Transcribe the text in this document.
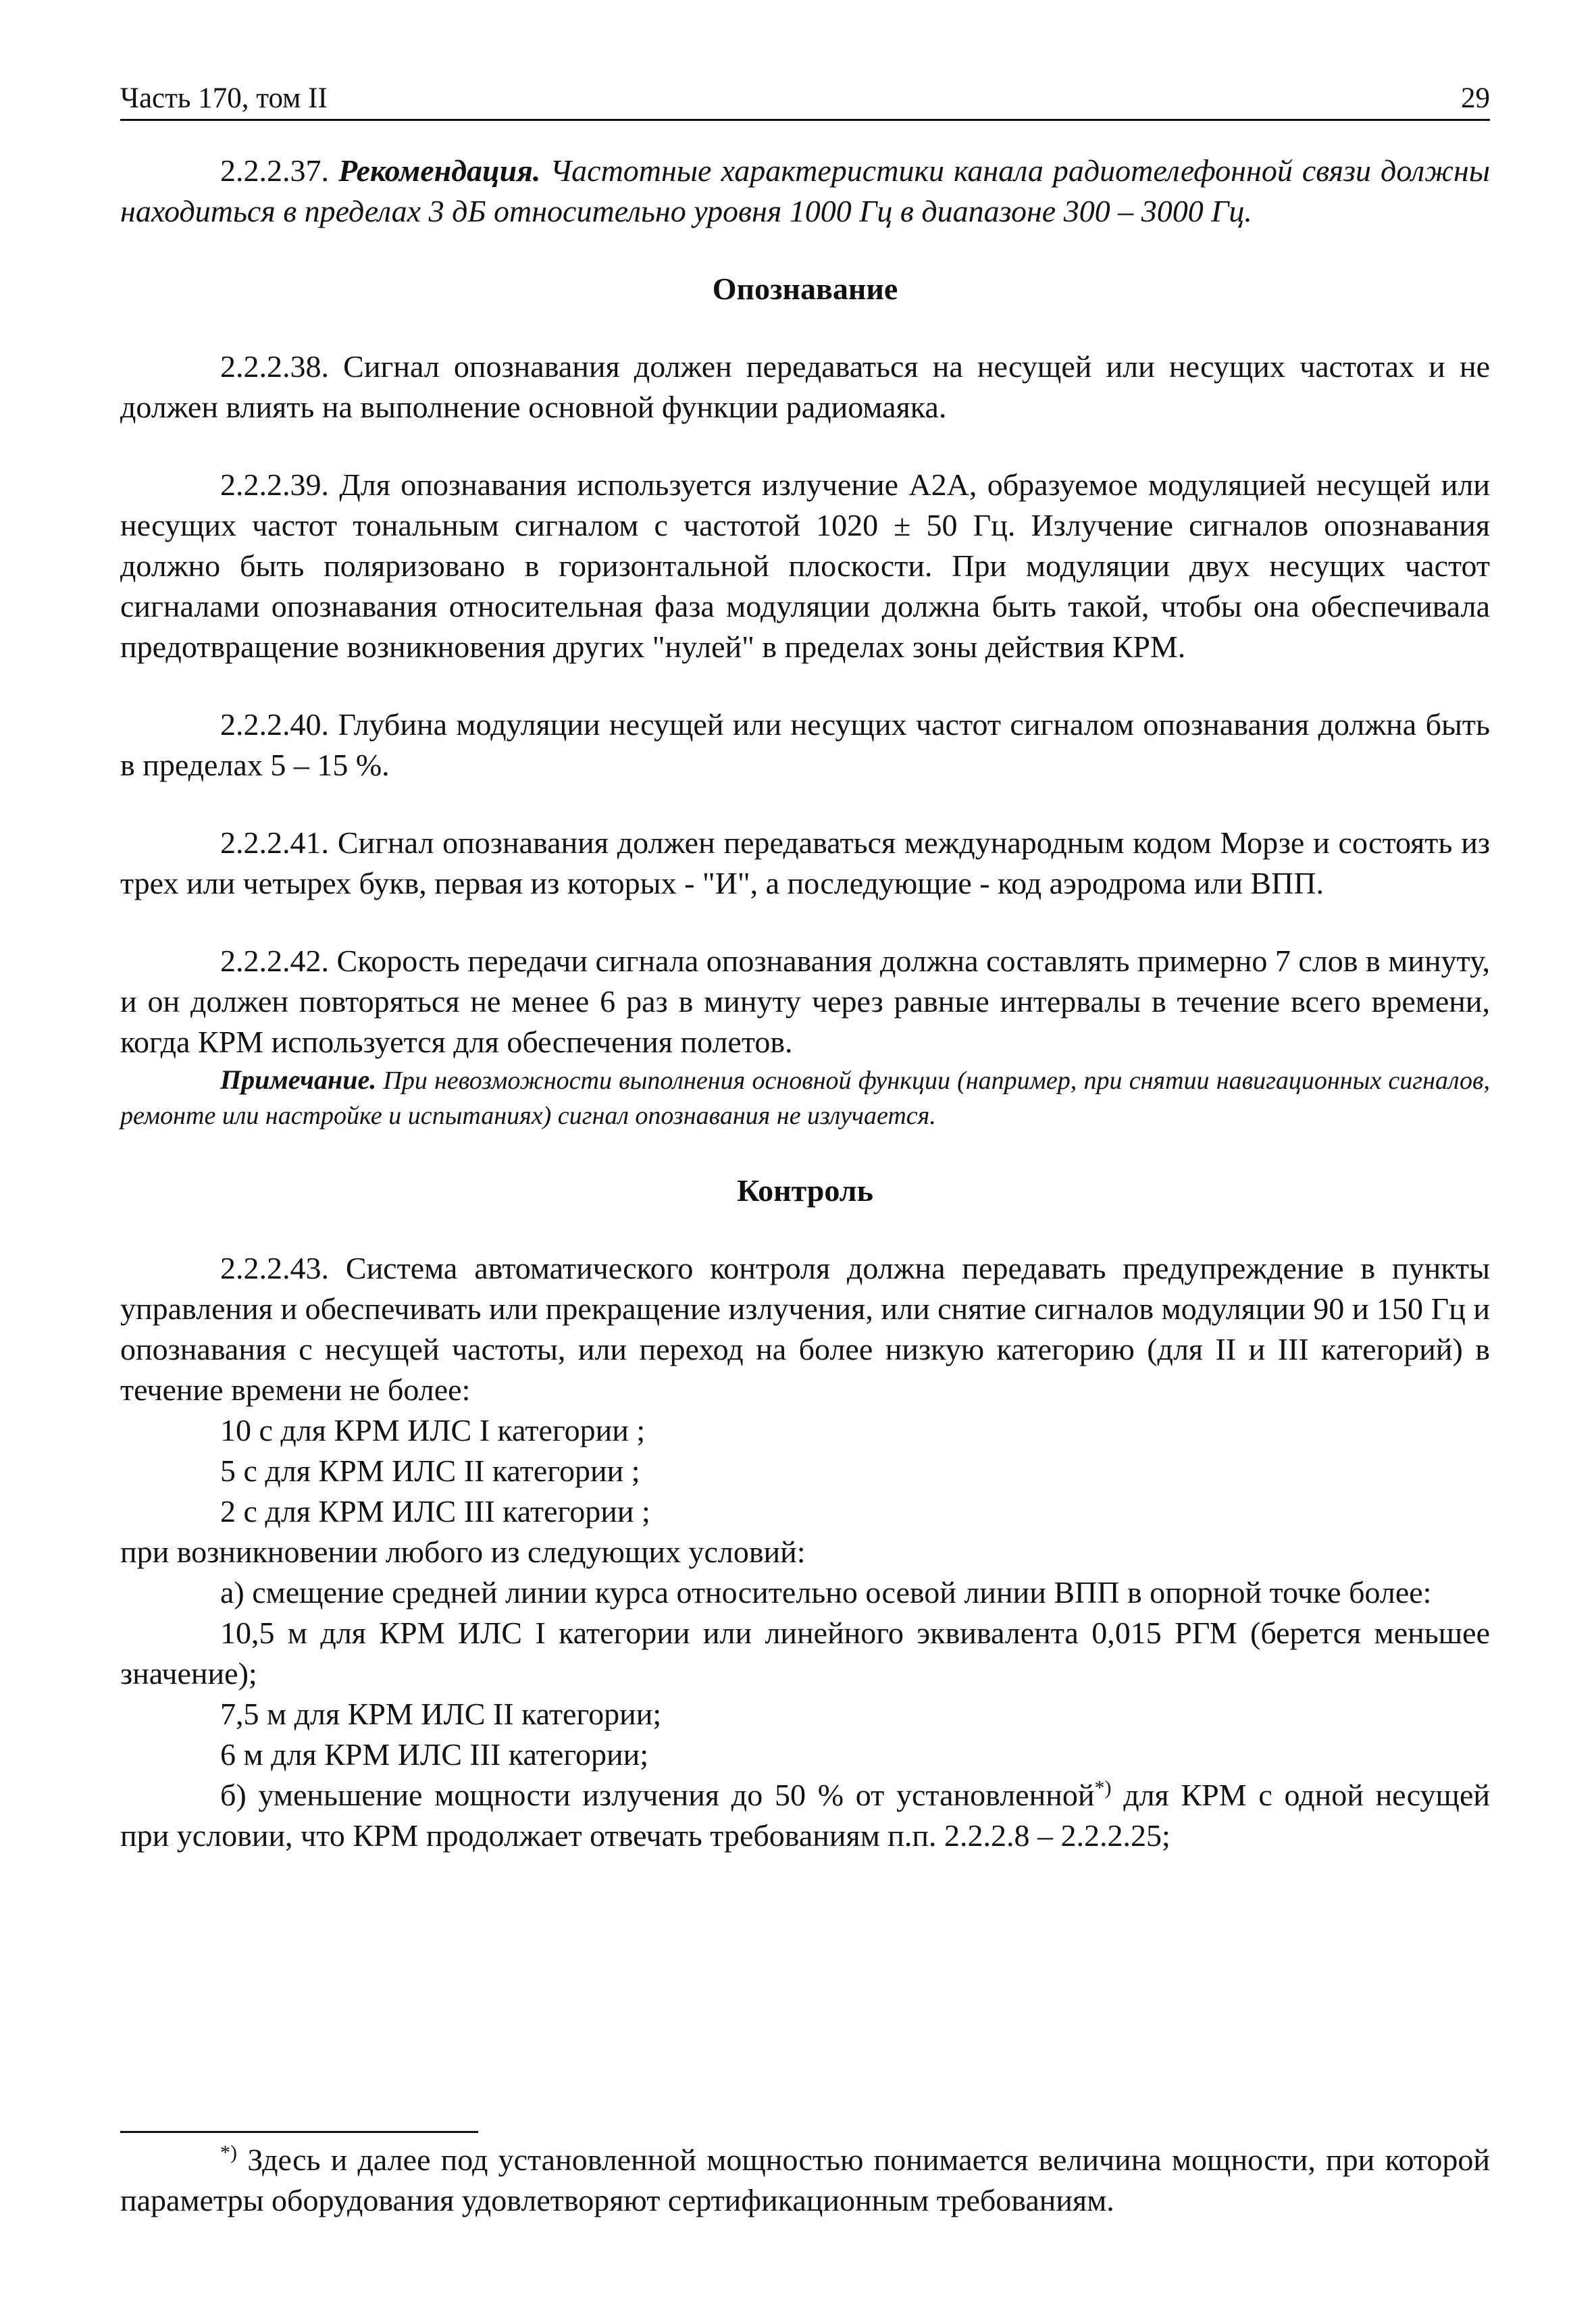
Часть 170, том II	29

2.2.2.37. Рекомендация. Частотные характеристики канала радиотелефонной связи должны находиться в пределах 3 дБ относительно уровня 1000 Гц в диапазоне 300 – 3000 Гц.

Опознавание

2.2.2.38. Сигнал опознавания должен передаваться на несущей или несущих частотах и не должен влиять на выполнение основной функции радиомаяка.

2.2.2.39. Для опознавания используется излучение А2А, образуемое модуляцией несущей или несущих частот тональным сигналом с частотой 1020 ± 50 Гц. Излучение сигналов опознавания должно быть поляризовано в горизонтальной плоскости. При модуляции двух несущих частот сигналами опознавания относительная фаза модуляции должна быть такой, чтобы она обеспечивала предотвращение возникновения других "нулей" в пределах зоны действия КРМ.

2.2.2.40. Глубина модуляции несущей или несущих частот сигналом опознавания должна быть в пределах 5 – 15 %.

2.2.2.41. Сигнал опознавания должен передаваться международным кодом Морзе и состоять из трех или четырех букв, первая из которых - "И", а последующие - код аэродрома или ВПП.

2.2.2.42. Скорость передачи сигнала опознавания должна составлять примерно 7 слов в минуту, и он должен повторяться не менее 6 раз в минуту через равные интервалы в течение всего времени, когда КРМ используется для обеспечения полетов.

Примечание. При невозможности выполнения основной функции (например, при снятии навигационных сигналов, ремонте или настройке и испытаниях) сигнал опознавания не излучается.

Контроль

2.2.2.43. Система автоматического контроля должна передавать предупреждение в пункты управления и обеспечивать или прекращение излучения, или снятие сигналов модуляции 90 и 150 Гц и опознавания с несущей частоты, или переход на более низкую категорию (для II и III категорий) в течение времени не более:

10 с для КРМ ИЛС I категории ;

5 с для КРМ ИЛС II категории ;

2 с для КРМ ИЛС III категории ;

при возникновении любого из следующих условий:

а) смещение средней линии курса относительно осевой линии ВПП в опорной точке более:

10,5 м для КРМ ИЛС I категории или линейного эквивалента 0,015 РГМ (берется меньшее значение);

7,5 м для КРМ ИЛС II категории;

6 м для КРМ ИЛС III категории;

б) уменьшение мощности излучения до 50 % от установленной*) для КРМ с одной несущей при условии, что КРМ продолжает отвечать требованиям п.п. 2.2.2.8 – 2.2.2.25;

*) Здесь и далее под установленной мощностью понимается величина мощности, при которой параметры оборудования удовлетворяют сертификационным требованиям.
